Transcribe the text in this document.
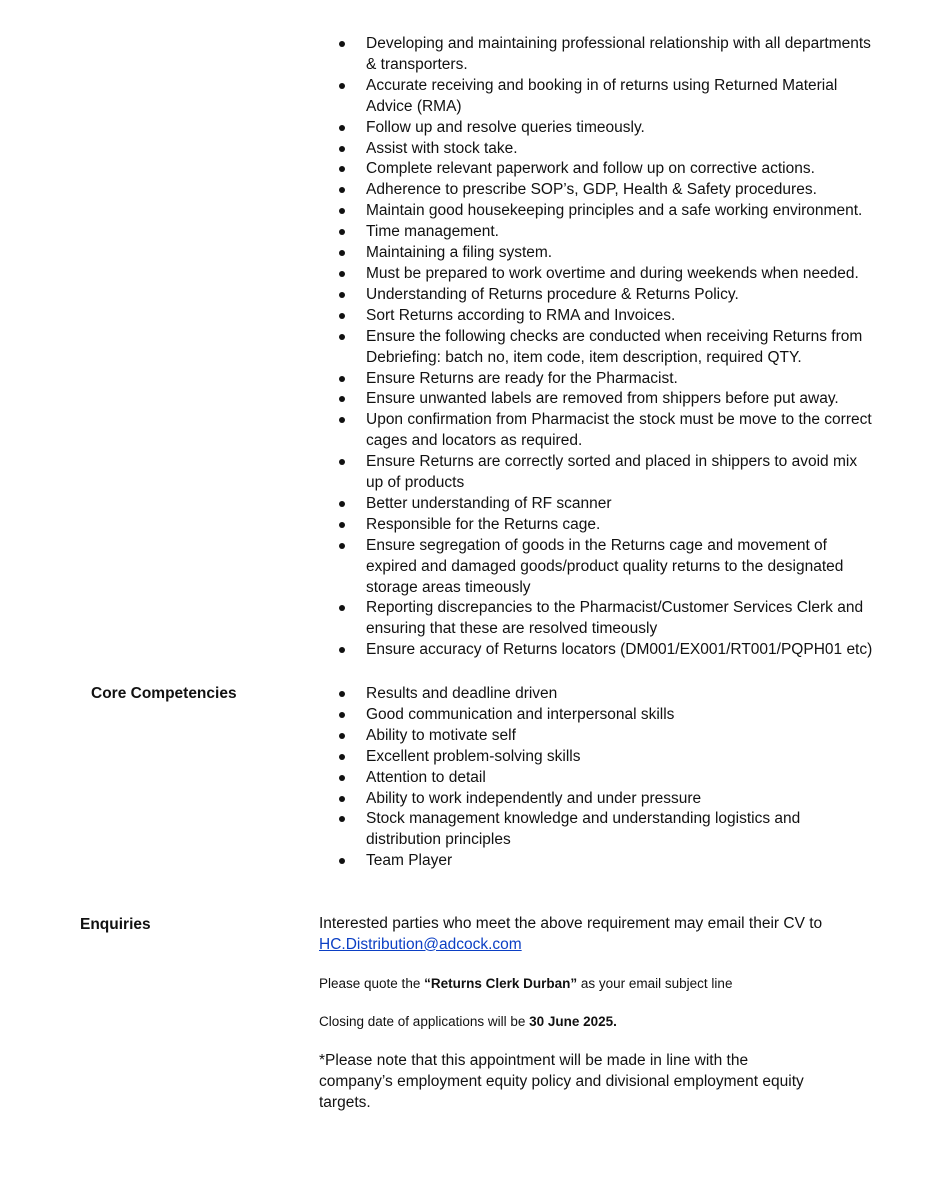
Developing and maintaining professional relationship with all departments & transporters.
Accurate receiving and booking in of returns using Returned Material Advice (RMA)
Follow up and resolve queries timeously.
Assist with stock take.
Complete relevant paperwork and follow up on corrective actions.
Adherence to prescribe SOP’s, GDP, Health & Safety procedures.
Maintain good housekeeping principles and a safe working environment.
Time management.
Maintaining a filing system.
Must be prepared to work overtime and during weekends when needed.
Understanding of Returns procedure & Returns Policy.
Sort Returns according to RMA and Invoices.
Ensure the following checks are conducted when receiving Returns from Debriefing: batch no, item code, item description, required QTY.
Ensure Returns are ready for the Pharmacist.
Ensure unwanted labels are removed from shippers before put away.
Upon confirmation from Pharmacist the stock must be move to the correct cages and locators as required.
Ensure Returns are correctly sorted and placed in shippers to avoid mix up of products
Better understanding of RF scanner
Responsible for the Returns cage.
Ensure segregation of goods in the Returns cage and movement of expired and damaged goods/product quality returns to the designated storage areas timeously
Reporting discrepancies to the Pharmacist/Customer Services Clerk and ensuring that these are resolved timeously
Ensure accuracy of Returns locators (DM001/EX001/RT001/PQPH01 etc)
Core Competencies	Results and deadline driven
Good communication and interpersonal skills
Ability to motivate self
Excellent problem-solving skills
Attention to detail
Ability to work independently and under pressure
Stock management knowledge and understanding logistics and distribution principles
Team Player
Enquiries	Interested parties who meet the above requirement may email their CV to
HC.Distribution@adcock.com
Please quote the “Returns Clerk Durban” as your email subject line
Closing date of applications will be 30 June 2025.
*Please note that this appointment will be made in line with the company’s employment equity policy and divisional employment equity targets.
